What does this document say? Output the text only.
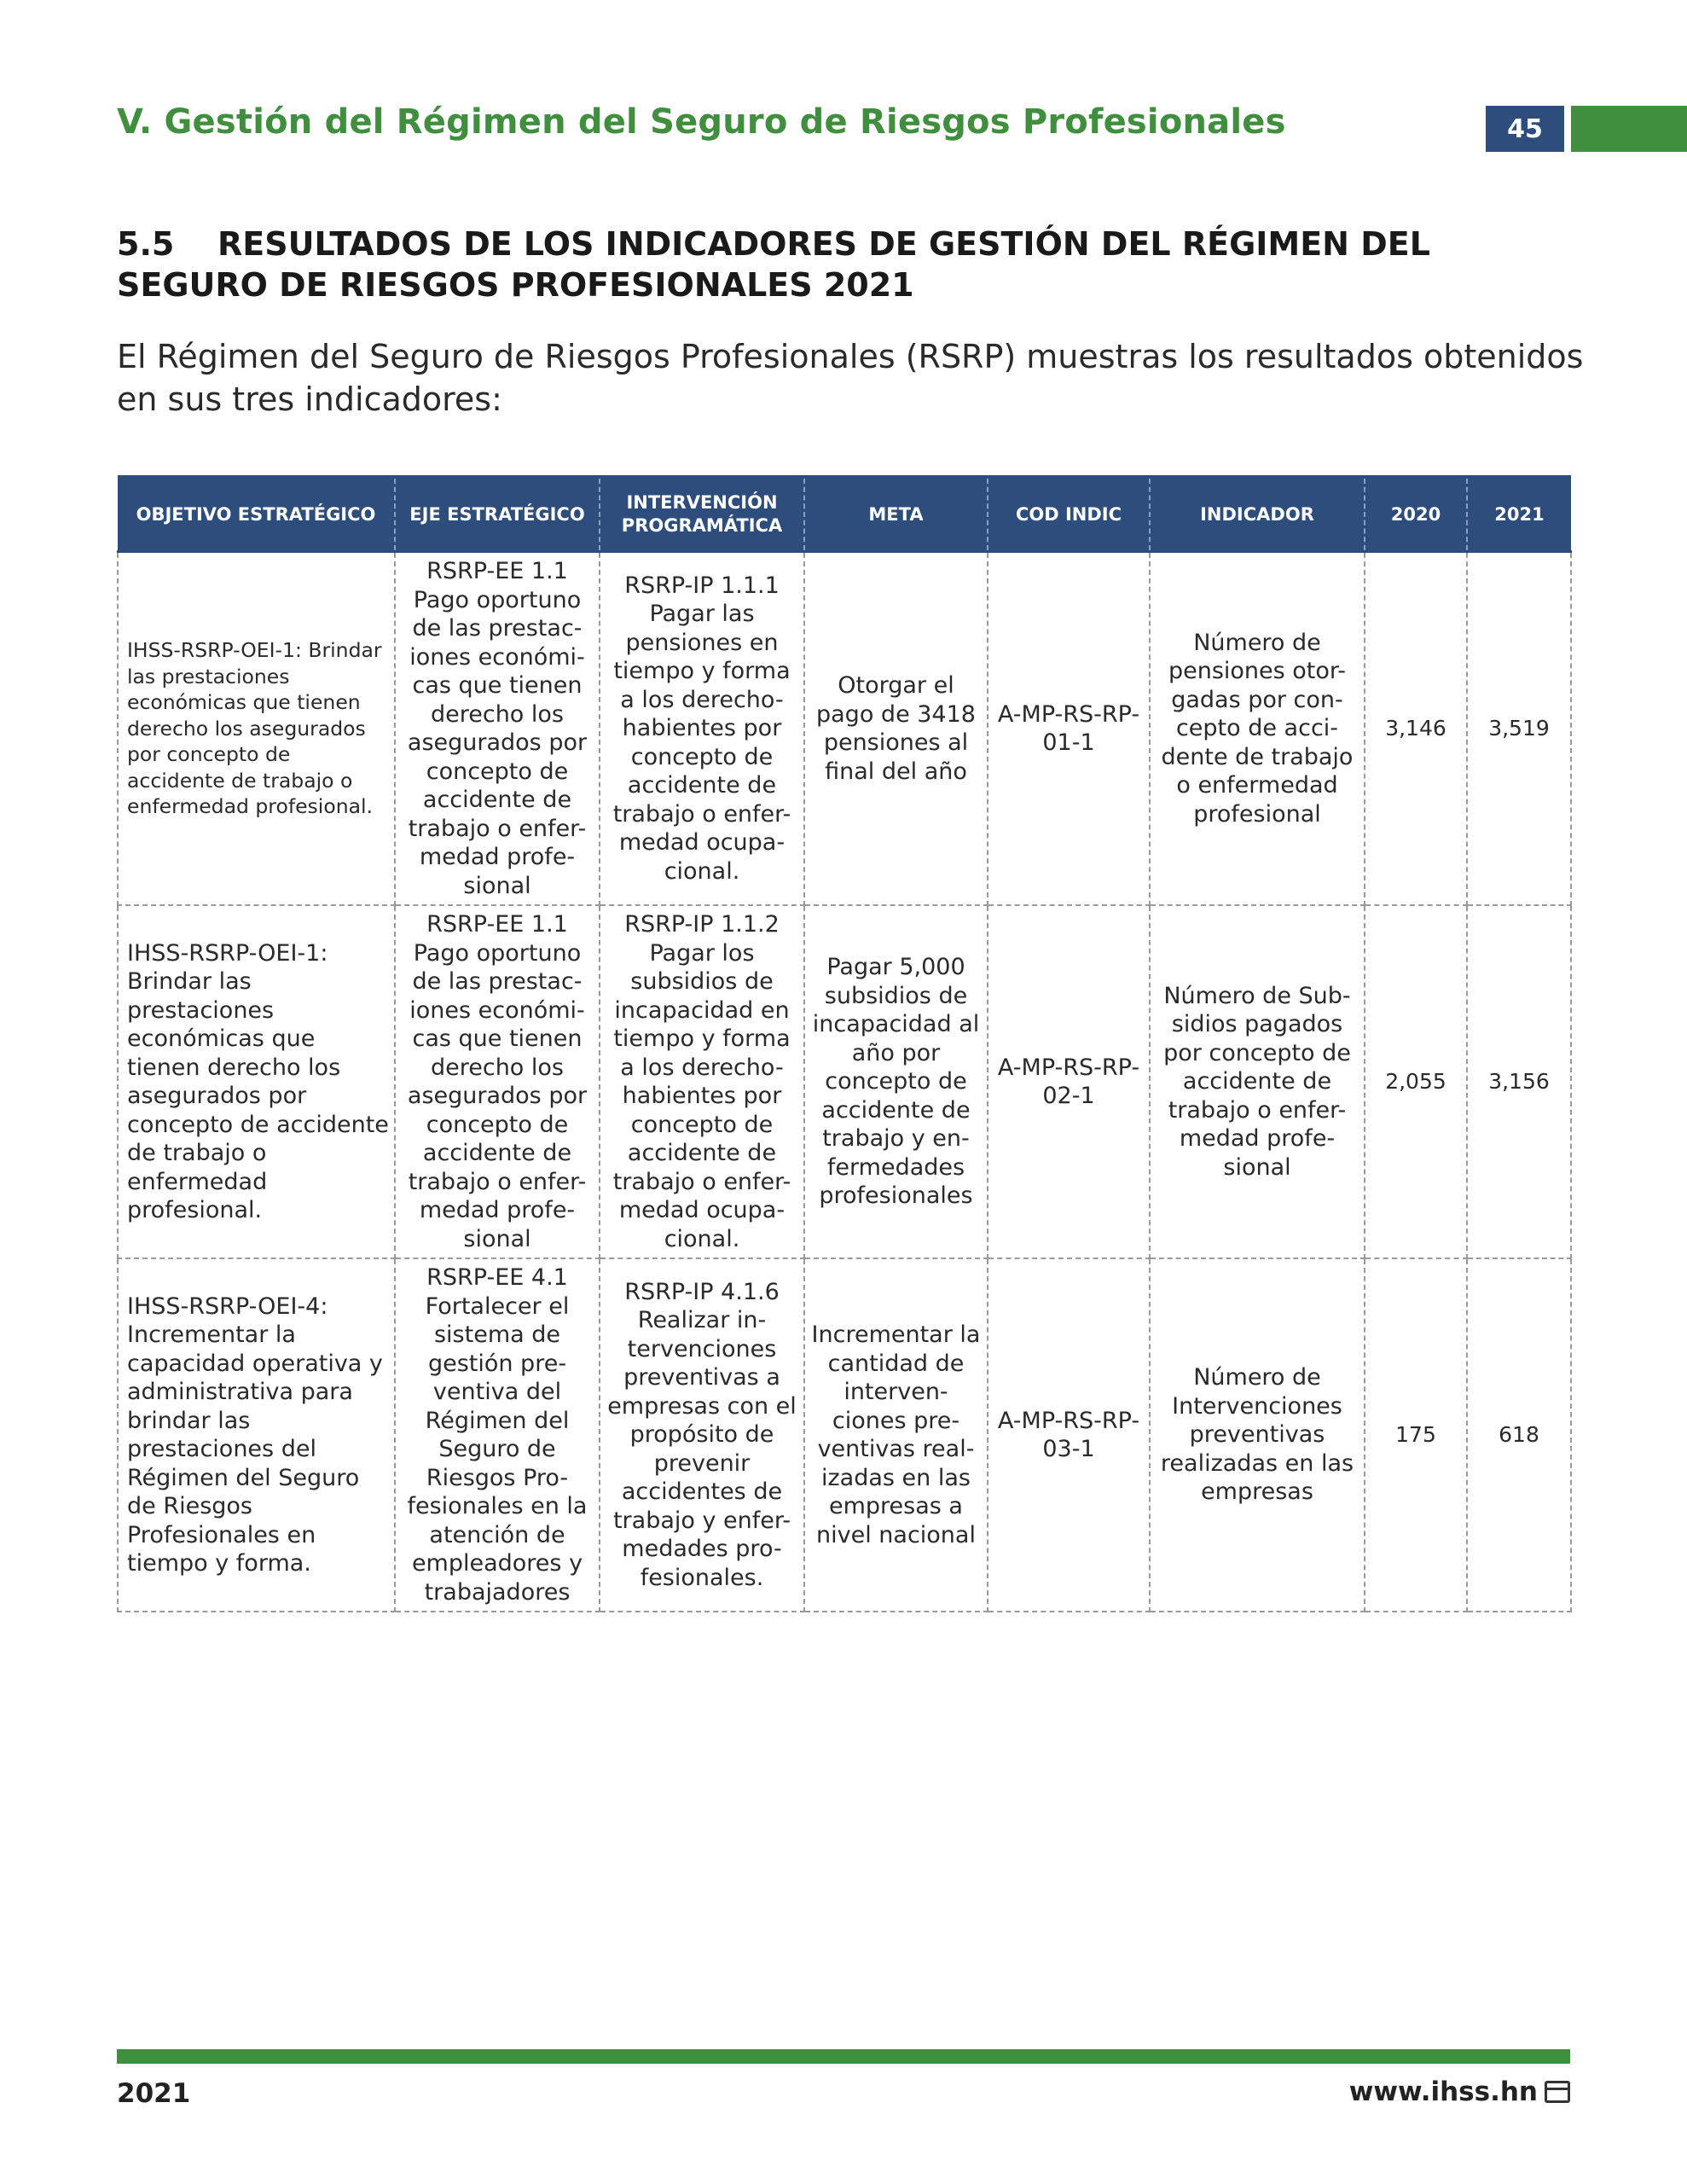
V. Gestión del Régimen del Seguro de Riesgos Profesionales	45
5.5 RESULTADOS DE LOS INDICADORES DE GESTIÓN DEL RÉGIMEN DEL SEGURO DE RIESGOS PROFESIONALES 2021
El Régimen del Seguro de Riesgos Profesionales (RSRP) muestras los resultados obtenidos en sus tres indicadores:
OBJETIVO ESTRATÉGICO	EJE ESTRATÉGICO	INTERVENCIÓN PROGRAMÁTICA	META	COD INDIC	INDICADOR	2020	2021
IHSS-RSRP-OEI-1: Brindar las prestaciones económicas que tienen derecho los asegurados por concepto de accidente de trabajo o enfermedad profesional.	RSRP-EE 1.1 Pago oportuno de las prestac-iones económi-cas que tienen derecho los asegurados por concepto de accidente de trabajo o enfer-medad profe-sional	RSRP-IP 1.1.1 Pagar las pensiones en tiempo y forma a los derecho-habientes por concepto de accidente de trabajo o enfer-medad ocupa-cional.	Otorgar el pago de 3418 pensiones al final del año	A-MP-RS-RP-01-1	Número de pensiones otor-gadas por con-cepto de acci-dente de trabajo o enfermedad profesional	3,146	3,519
IHSS-RSRP-OEI-1: Brindar las prestaciones económicas que tienen derecho los asegurados por concepto de accidente de trabajo o enfermedad profesional.	RSRP-EE 1.1 Pago oportuno de las prestac-iones económi-cas que tienen derecho los asegurados por concepto de accidente de trabajo o enfer-medad profe-sional	RSRP-IP 1.1.2 Pagar los subsidios de incapacidad en tiempo y forma a los derecho-habientes por concepto de accidente de trabajo o enfer-medad ocupa-cional.	Pagar 5,000 subsidios de incapacidad al año por concepto de accidente de trabajo y en-fermedades profesionales	A-MP-RS-RP-02-1	Número de Sub-sidios pagados por concepto de accidente de trabajo o enfer-medad profe-sional	2,055	3,156
IHSS-RSRP-OEI-4: Incrementar la capacidad operativa y administrativa para brindar las prestaciones del Régimen del Seguro de Riesgos Profesionales en tiempo y forma.	RSRP-EE 4.1 Fortalecer el sistema de gestión pre-ventiva del Régimen del Seguro de Riesgos Pro-fesionales en la atención de empleadores y trabajadores	RSRP-IP 4.1.6 Realizar in-tervenciones preventivas a empresas con el propósito de prevenir accidentes de trabajo y enfer-medades pro-fesionales.	Incrementar la cantidad de interven-ciones pre-ventivas real-izadas en las empresas a nivel nacional	A-MP-RS-RP-03-1	Número de Intervenciones preventivas realizadas en las empresas	175	618
2021	www.ihss.hn
